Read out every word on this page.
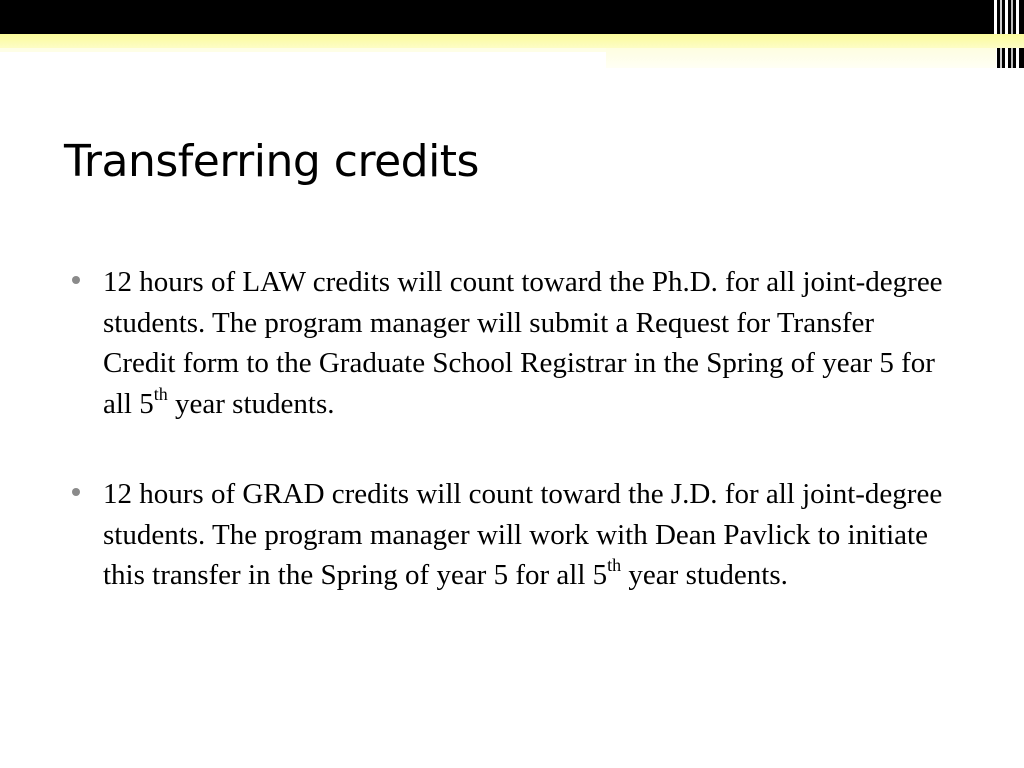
Transferring credits
12 hours of LAW credits will count toward the Ph.D. for all joint-degree students. The program manager will submit a Request for Transfer Credit form to the Graduate School Registrar in the Spring of year 5 for all 5th year students.
12 hours of GRAD credits will count toward the J.D. for all joint-degree students. The program manager will work with Dean Pavlick to initiate this transfer in the Spring of year 5 for all 5th year students.
